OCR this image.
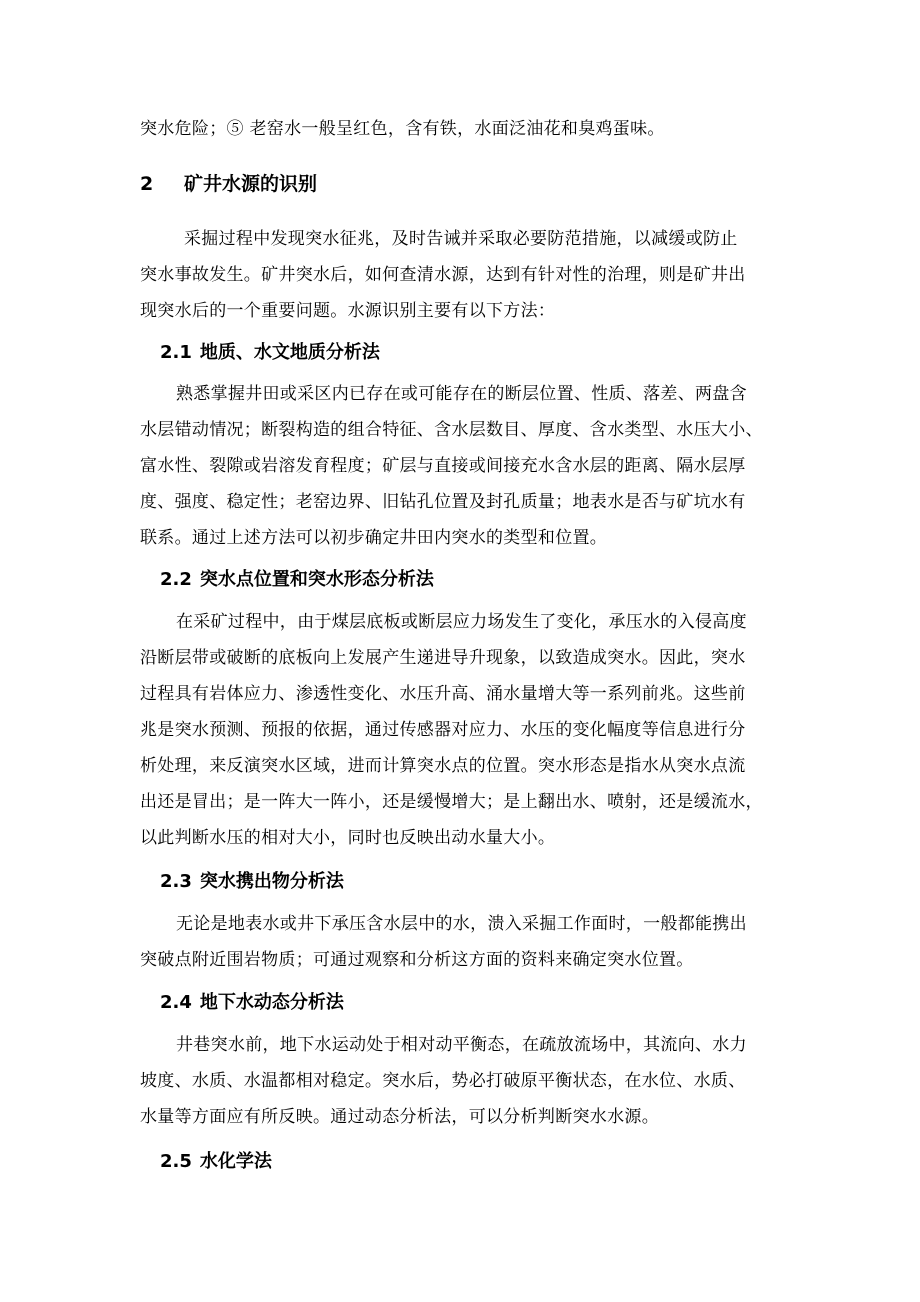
突水危险；⑤ 老窑水一般呈红色，含有铁，水面泛油花和臭鸡蛋味。
2 矿井水源的识别
采掘过程中发现突水征兆，及时告诫并采取必要防范措施，以减缓或防止
突水事故发生。矿井突水后，如何查清水源，达到有针对性的治理，则是矿井出
现突水后的一个重要问题。水源识别主要有以下方法：
2.1 地质、水文地质分析法
熟悉掌握井田或采区内已存在或可能存在的断层位置、性质、落差、两盘含
水层错动情况；断裂构造的组合特征、含水层数目、厚度、含水类型、水压大小、
富水性、裂隙或岩溶发育程度；矿层与直接或间接充水含水层的距离、隔水层厚
度、强度、稳定性；老窑边界、旧钻孔位置及封孔质量；地表水是否与矿坑水有
联系。通过上述方法可以初步确定井田内突水的类型和位置。
2.2 突水点位置和突水形态分析法
在采矿过程中，由于煤层底板或断层应力场发生了变化，承压水的入侵高度
沿断层带或破断的底板向上发展产生递进导升现象，以致造成突水。因此，突水
过程具有岩体应力、渗透性变化、水压升高、涌水量增大等一系列前兆。这些前
兆是突水预测、预报的依据，通过传感器对应力、水压的变化幅度等信息进行分
析处理，来反演突水区域，进而计算突水点的位置。突水形态是指水从突水点流
出还是冒出；是一阵大一阵小，还是缓慢增大；是上翻出水、喷射，还是缓流水，
以此判断水压的相对大小，同时也反映出动水量大小。
2.3 突水携出物分析法
无论是地表水或井下承压含水层中的水，溃入采掘工作面时，一般都能携出
突破点附近围岩物质；可通过观察和分析这方面的资料来确定突水位置。
2.4 地下水动态分析法
井巷突水前，地下水运动处于相对动平衡态，在疏放流场中，其流向、水力
坡度、水质、水温都相对稳定。突水后，势必打破原平衡状态，在水位、水质、
水量等方面应有所反映。通过动态分析法，可以分析判断突水水源。
2.5 水化学法
